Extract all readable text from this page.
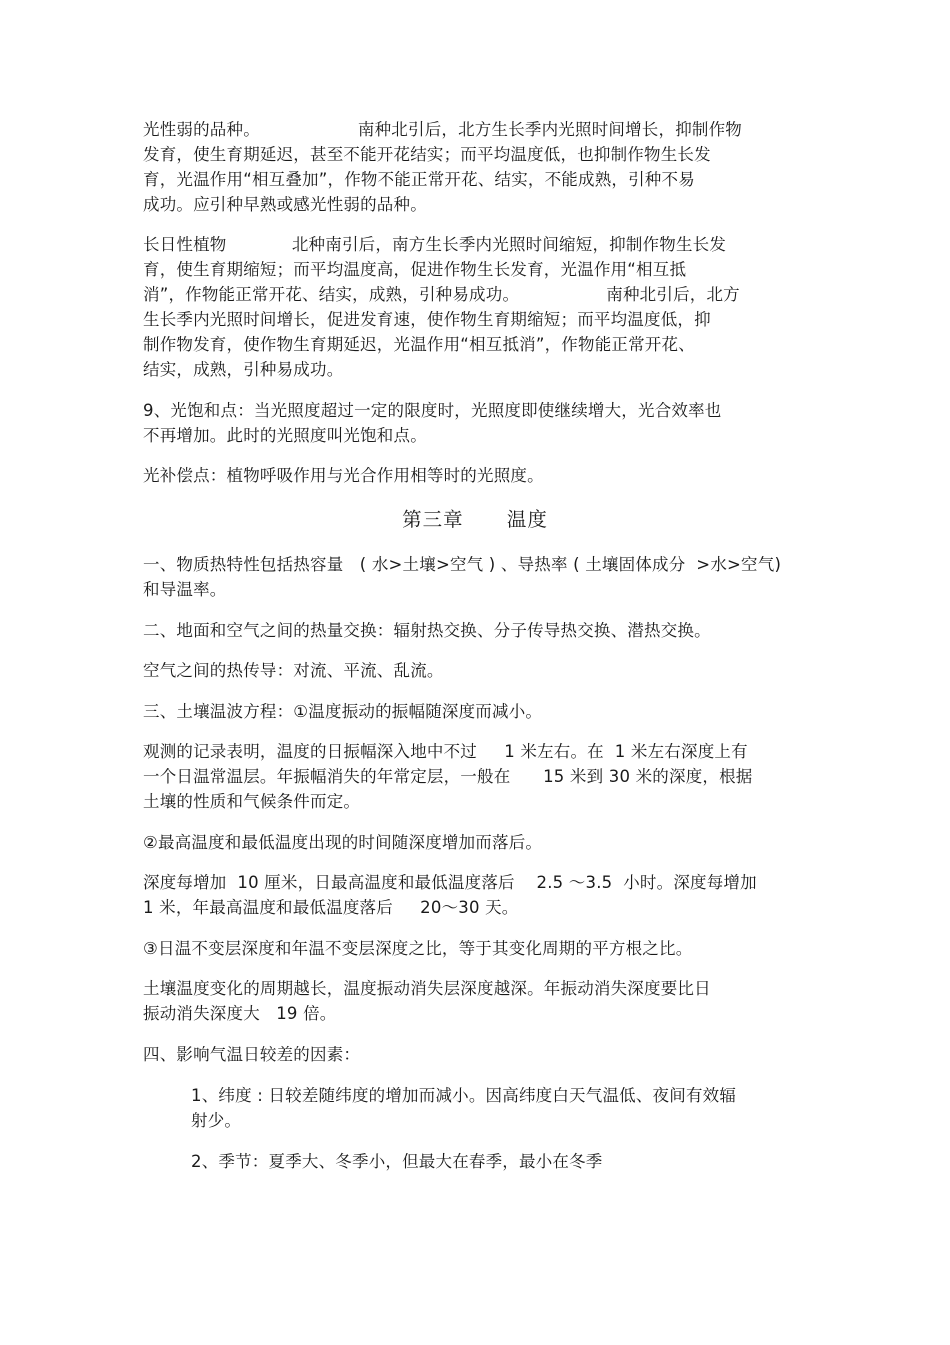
光性弱的品种。                  南种北引后，北方生长季内光照时间增长，抑制作物
发育，使生育期延迟，甚至不能开花结实；而平均温度低，也抑制作物生长发
育，光温作用“相互叠加”，作物不能正常开花、结实，不能成熟，引种不易
成功。应引种早熟或感光性弱的品种。
长日性植物            北种南引后，南方生长季内光照时间缩短，抑制作物生长发
育，使生育期缩短；而平均温度高，促进作物生长发育，光温作用“相互抵
消”，作物能正常开花、结实，成熟，引种易成功。                南种北引后，北方
生长季内光照时间增长，促进发育速，使作物生育期缩短；而平均温度低，抑
制作物发育，使作物生育期延迟，光温作用“相互抵消”，作物能正常开花、
结实，成熟，引种易成功。
9、光饱和点：当光照度超过一定的限度时，光照度即使继续增大，光合效率也
不再增加。此时的光照度叫光饱和点。
光补偿点：植物呼吸作用与光合作用相等时的光照度。
第三章      温度
一、物质热特性包括热容量   ( 水>土壤>空气 ) 、导热率 ( 土壤固体成分  >水>空气)
和导温率。
二、地面和空气之间的热量交换：辐射热交换、分子传导热交换、潜热交换。
空气之间的热传导：对流、平流、乱流。
三、土壤温波方程：①温度振动的振幅随深度而减小。
观测的记录表明，温度的日振幅深入地中不过     1 米左右。在  1 米左右深度上有
一个日温常温层。年振幅消失的年常定层，一般在      15 米到 30 米的深度，根据
土壤的性质和气候条件而定。
②最高温度和最低温度出现的时间随深度增加而落后。
深度每增加  10 厘米，日最高温度和最低温度落后    2.5 ～3.5  小时。深度每增加
1 米，年最高温度和最低温度落后     20～30 天。
③日温不变层深度和年温不变层深度之比，等于其变化周期的平方根之比。
土壤温度变化的周期越长，温度振动消失层深度越深。年振动消失深度要比日
振动消失深度大   19 倍。
四、影响气温日较差的因素：
1、纬度 : 日较差随纬度的增加而减小。因高纬度白天气温低、夜间有效辐
射少。
2、季节：夏季大、冬季小，但最大在春季，最小在冬季
